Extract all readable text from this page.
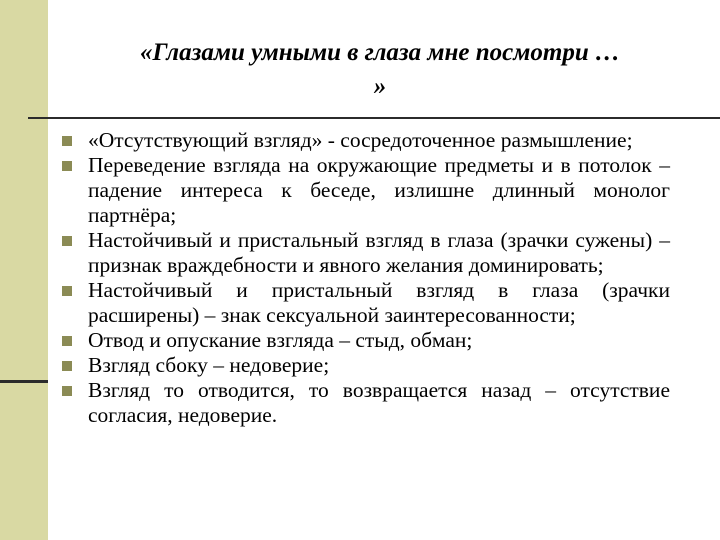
«Глазами умными в глаза мне посмотри …
»
«Отсутствующий взгляд» - сосредоточенное размышление;
Переведение взгляда на окружающие предметы и в потолок – падение интереса к беседе, излишне длинный монолог партнёра;
Настойчивый и пристальный взгляд в глаза (зрачки сужены) – признак враждебности и явного желания доминировать;
Настойчивый и пристальный взгляд в глаза (зрачки расширены) – знак сексуальной заинтересованности;
Отвод и опускание взгляда – стыд, обман;
Взгляд сбоку – недоверие;
Взгляд то отводится, то возвращается назад – отсутствие согласия, недоверие.
